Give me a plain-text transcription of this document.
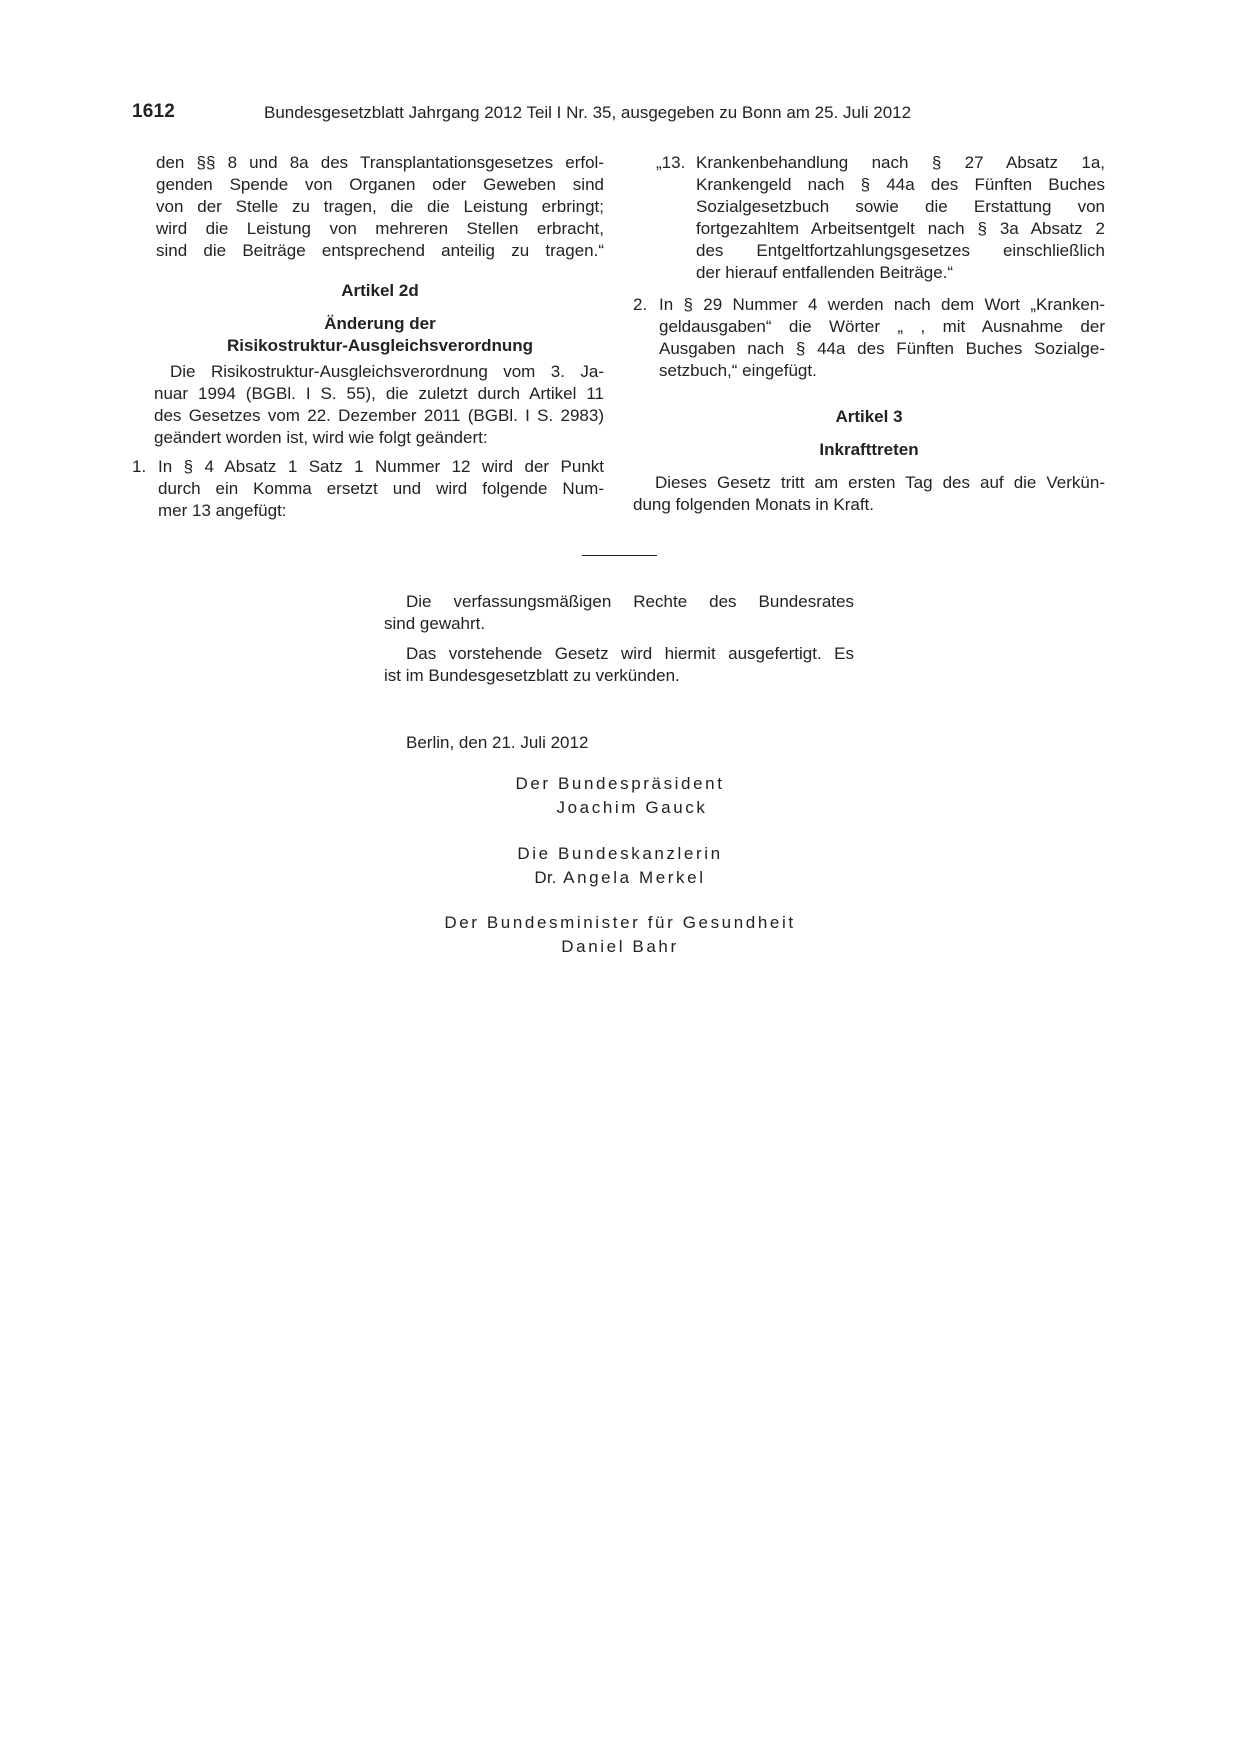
1612	Bundesgesetzblatt Jahrgang 2012 Teil I Nr. 35, ausgegeben zu Bonn am 25. Juli 2012

den §§ 8 und 8a des Transplantationsgesetzes erfol-

genden Spende von Organen oder Geweben sind

von der Stelle zu tragen, die die Leistung erbringt;

wird die Leistung von mehreren Stellen erbracht,

sind die Beiträge entsprechend anteilig zu tragen.“

Artikel 2d

Änderung der

Risikostruktur-Ausgleichsverordnung

Die Risikostruktur-Ausgleichsverordnung vom 3. Ja-

nuar 1994 (BGBl. I S. 55), die zuletzt durch Artikel 11

des Gesetzes vom 22. Dezember 2011 (BGBl. I S. 2983)

geändert worden ist, wird wie folgt geändert:

1. In § 4 Absatz 1 Satz 1 Nummer 12 wird der Punkt

durch ein Komma ersetzt und wird folgende Num-

mer 13 angefügt:

„13. Krankenbehandlung nach § 27 Absatz 1a,

Krankengeld nach § 44a des Fünften Buches

Sozialgesetzbuch sowie die Erstattung von

fortgezahltem Arbeitsentgelt nach § 3a Absatz 2

des Entgeltfortzahlungsgesetzes einschließlich

der hierauf entfallenden Beiträge.“

2. In § 29 Nummer 4 werden nach dem Wort „Kranken-

geldausgaben“ die Wörter „ , mit Ausnahme der

Ausgaben nach § 44a des Fünften Buches Sozialge-

setzbuch,“ eingefügt.

Artikel 3

Inkrafttreten

Dieses Gesetz tritt am ersten Tag des auf die Verkün-

dung folgenden Monats in Kraft.

Die verfassungsmäßigen Rechte des Bundesrates

sind gewahrt.

Das vorstehende Gesetz wird hiermit ausgefertigt. Es

ist im Bundesgesetzblatt zu verkünden.

Berlin, den 21. Juli 2012
Der Bundespräsident
Joachim Gauck
Die Bundeskanzlerin
Dr. Angela Merkel
Der Bundesminister für Gesundheit
Daniel Bahr
